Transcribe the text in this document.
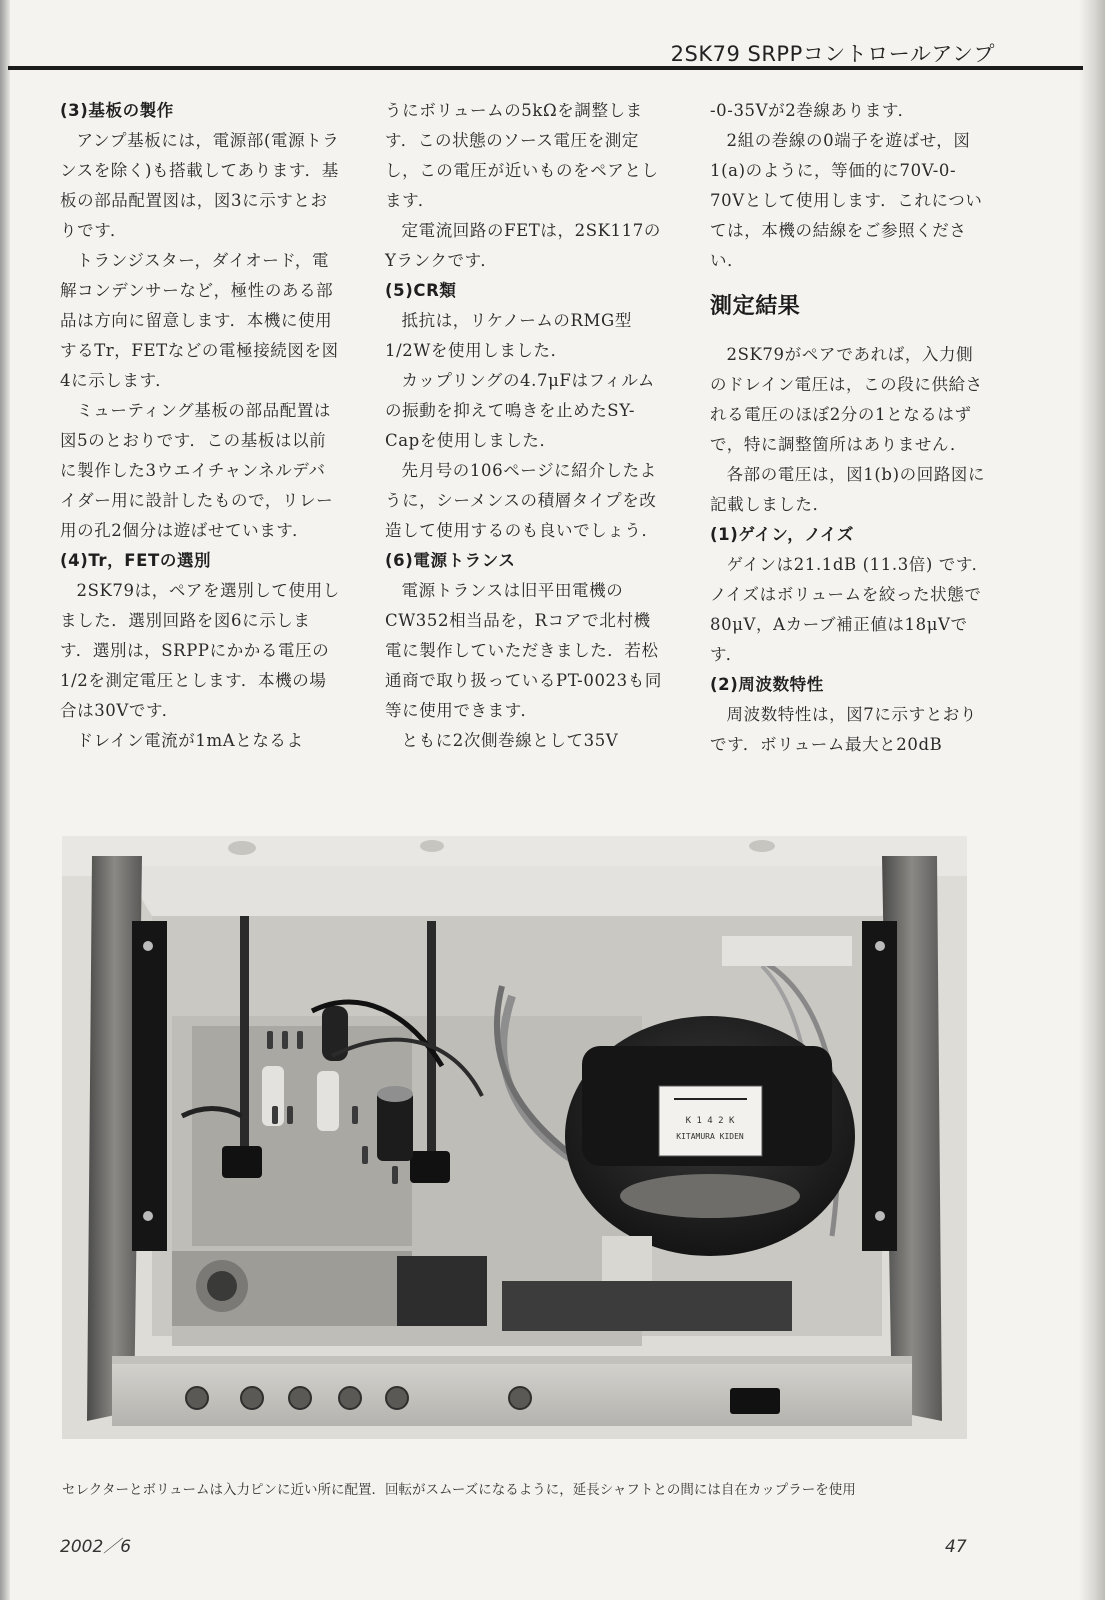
2SK79 SRPPコントロールアンプ
(3)基板の製作

アンプ基板には，電源部(電源トランスを除く)も搭載してあります．基板の部品配置図は，図3に示すとおりです．

トランジスター，ダイオード，電解コンデンサーなど，極性のある部品は方向に留意します．本機に使用するTr，FETなどの電極接続図を図4に示します．

ミューティング基板の部品配置は図5のとおりです．この基板は以前に製作した3ウエイチャンネルデバイダー用に設計したもので，リレー用の孔2個分は遊ばせています．

(4)Tr，FETの選別

2SK79は，ペアを選別して使用しました．選別回路を図6に示します．選別は，SRPPにかかる電圧の1/2を測定電圧とします．本機の場合は30Vです．

ドレイン電流が1mAとなるよ

うにボリュームの5kΩを調整します．この状態のソース電圧を測定し，この電圧が近いものをペアとします．

定電流回路のFETは，2SK117のYランクです．

(5)CR類

抵抗は，リケノームのRMG型1/2Wを使用しました．

カップリングの4.7μFはフィルムの振動を抑えて鳴きを止めたSY-Capを使用しました．

先月号の106ページに紹介したように，シーメンスの積層タイプを改造して使用するのも良いでしょう．

(6)電源トランス

電源トランスは旧平田電機のCW352相当品を，Rコアで北村機電に製作していただきました．若松通商で取り扱っているPT-0023も同等に使用できます．

ともに2次側巻線として35V

-0-35Vが2巻線あります．

2組の巻線の0端子を遊ばせ，図1(a)のように，等価的に70V-0-70Vとして使用します．これについては，本機の結線をご参照ください．

測定結果

2SK79がペアであれば，入力側のドレイン電圧は，この段に供給される電圧のほぼ2分の1となるはずで，特に調整箇所はありません．

各部の電圧は，図1(b)の回路図に記載しました．

(1)ゲイン，ノイズ

ゲインは21.1dB (11.3倍) です．ノイズはボリュームを絞った状態で80μV，Aカーブ補正値は18μVです．

(2)周波数特性

周波数特性は，図7に示すとおりです．ボリューム最大と20dB

K 1 4 2 K
KITAMURA KIDEN
セレクターとボリュームは入力ピンに近い所に配置．回転がスムーズになるように，延長シャフトとの間には自在カップラーを使用
2002／6	47
